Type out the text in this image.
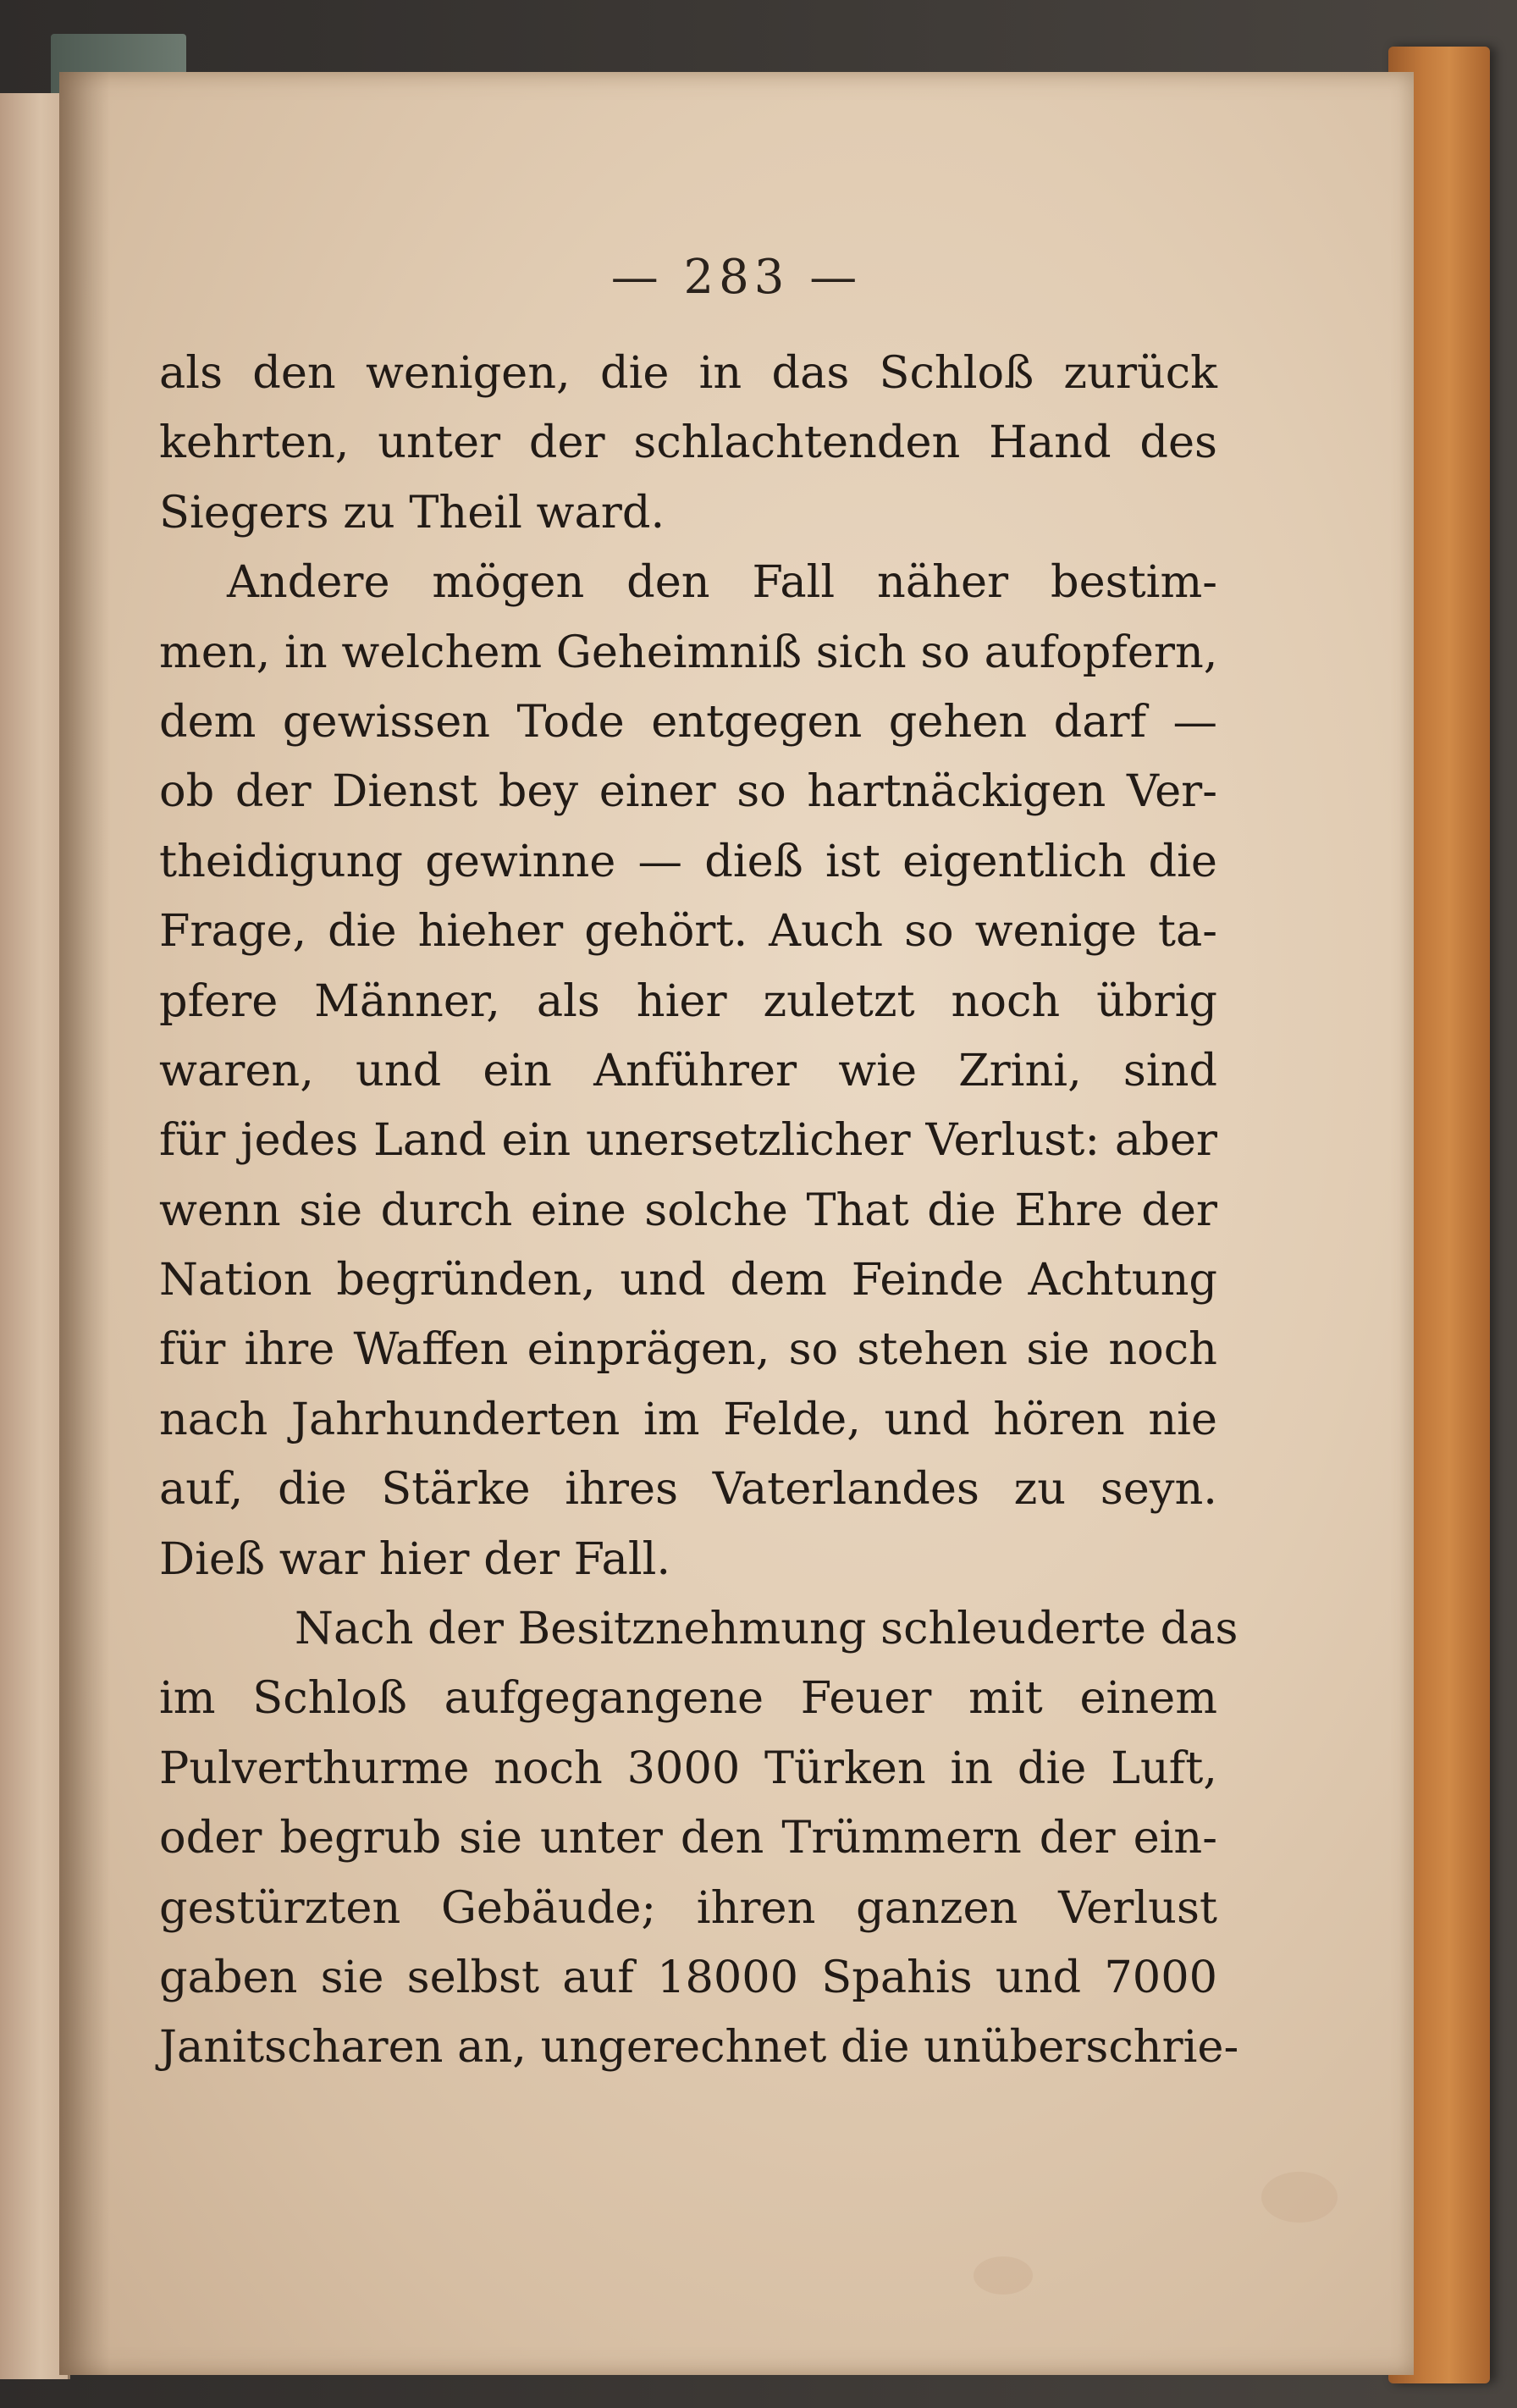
— 283 —
als den wenigen, die in das Schloß zurück
kehrten, unter der schlachtenden Hand des
Siegers zu Theil ward.
Andere mögen den Fall näher bestim-
men, in welchem Geheimniß sich so aufopfern,
dem gewissen Tode entgegen gehen darf —
ob der Dienst bey einer so hartnäckigen Ver-
theidigung gewinne — dieß ist eigentlich die
Frage, die hieher gehört. Auch so wenige ta-
pfere Männer, als hier zuletzt noch übrig
waren, und ein Anführer wie Zrini, sind
für jedes Land ein unersetzlicher Verlust: aber
wenn sie durch eine solche That die Ehre der
Nation begründen, und dem Feinde Achtung
für ihre Waffen einprägen, so stehen sie noch
nach Jahrhunderten im Felde, und hören nie
auf, die Stärke ihres Vaterlandes zu seyn.
Dieß war hier der Fall.
Nach der Besitznehmung schleuderte das
im Schloß aufgegangene Feuer mit einem
Pulverthurme noch 3000 Türken in die Luft,
oder begrub sie unter den Trümmern der ein-
gestürzten Gebäude; ihren ganzen Verlust
gaben sie selbst auf 18000 Spahis und 7000
Janitscharen an, ungerechnet die unüberschrie-
